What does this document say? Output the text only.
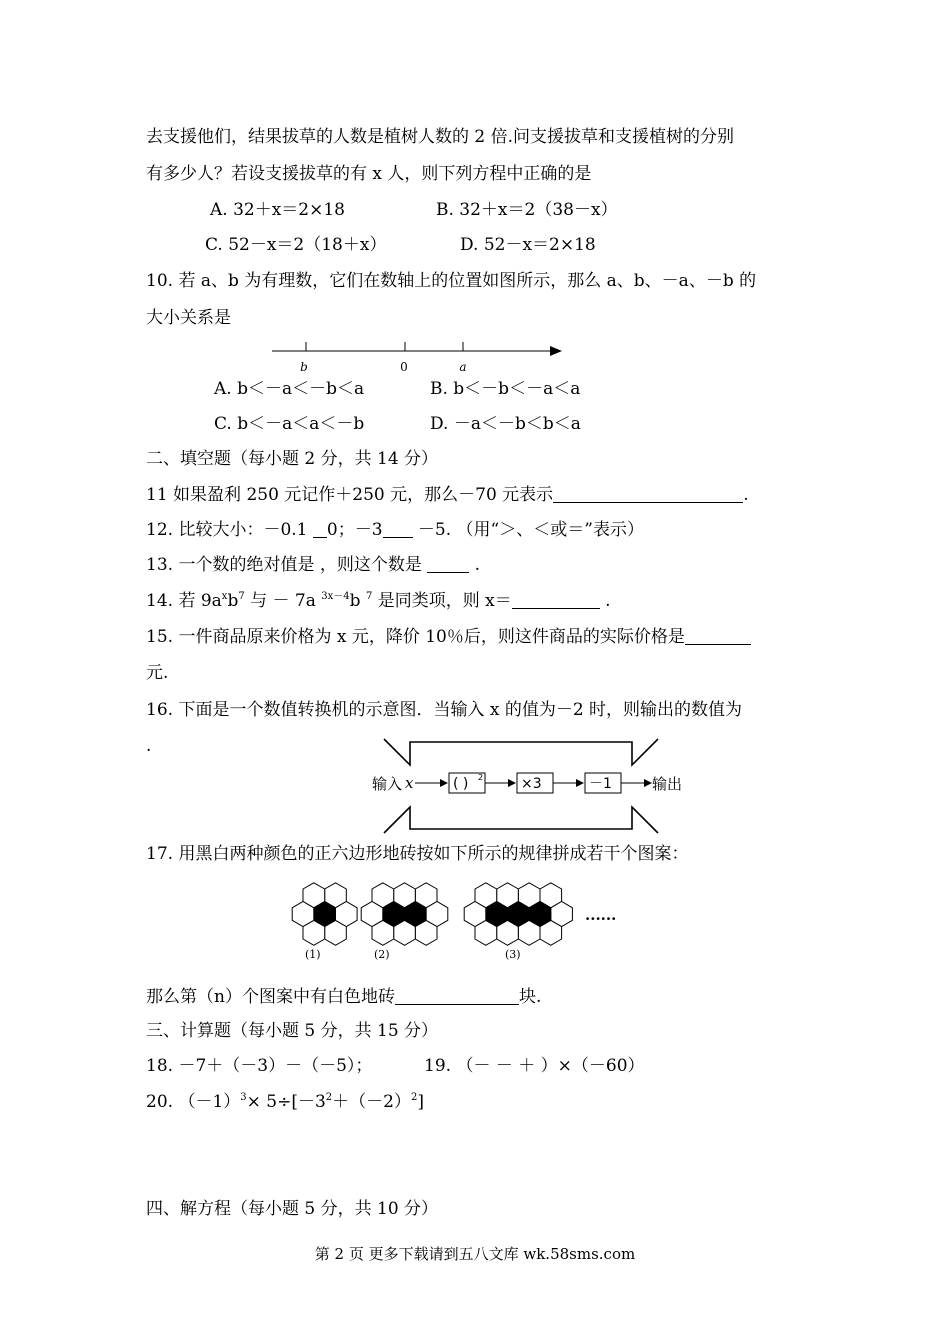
去支援他们，结果拔草的人数是植树人数的 2 倍.问支援拔草和支援植树的分别
有多少人？若设支援拔草的有 x 人，则下列方程中正确的是
A. 32＋x＝2×18	B. 32＋x＝2（38－x）
C. 52－x＝2（18＋x）	D. 52－x＝2×18
10. 若 a、b 为有理数，它们在数轴上的位置如图所示，那么 a、b、－a、－b 的
大小关系是
b	0	a
A. b＜－a＜－b＜a	B. b＜－b＜－a＜a
C. b＜－a＜a＜－b	D. －a＜－b＜b＜a
二、填空题（每小题 2 分，共 14 分）
11 如果盈利 250 元记作＋250 元，那么－70 元表示	.
12. 比较大小：－0.1 0；－3 －5. （用“＞、＜或＝”表示）
13. 一个数的绝对值是 ，则这个数是  .
14. 若 $9a^xb^7$ 与 － 7a $^{3x-4}$b $^7$ 是同类项，则 x＝	.
15. 一件商品原来价格为 x 元，降价 10％后，则这件商品的实际价格是
元.
16. 下面是一个数值转换机的示意图．当输入 x 的值为－2 时，则输出的数值为
.
输入 x	( ) 2	×3	－1	输出
17. 用黑白两种颜色的正六边形地砖按如下所示的规律拼成若干个图案：
(1)	(2)	(3)
......
那么第（n）个图案中有白色地砖	块.
三、计算题（每小题 5 分，共 15 分）
18. －7＋（－3）－（－5）；	19. （－ － ＋ ）×（－60）
20. $(-1)^3\times 5\div[-3^2+(-2)^2]$
四、解方程（每小题 5 分，共 10 分）
第 2 页 更多下载请到五八文库 wk.58sms.com
